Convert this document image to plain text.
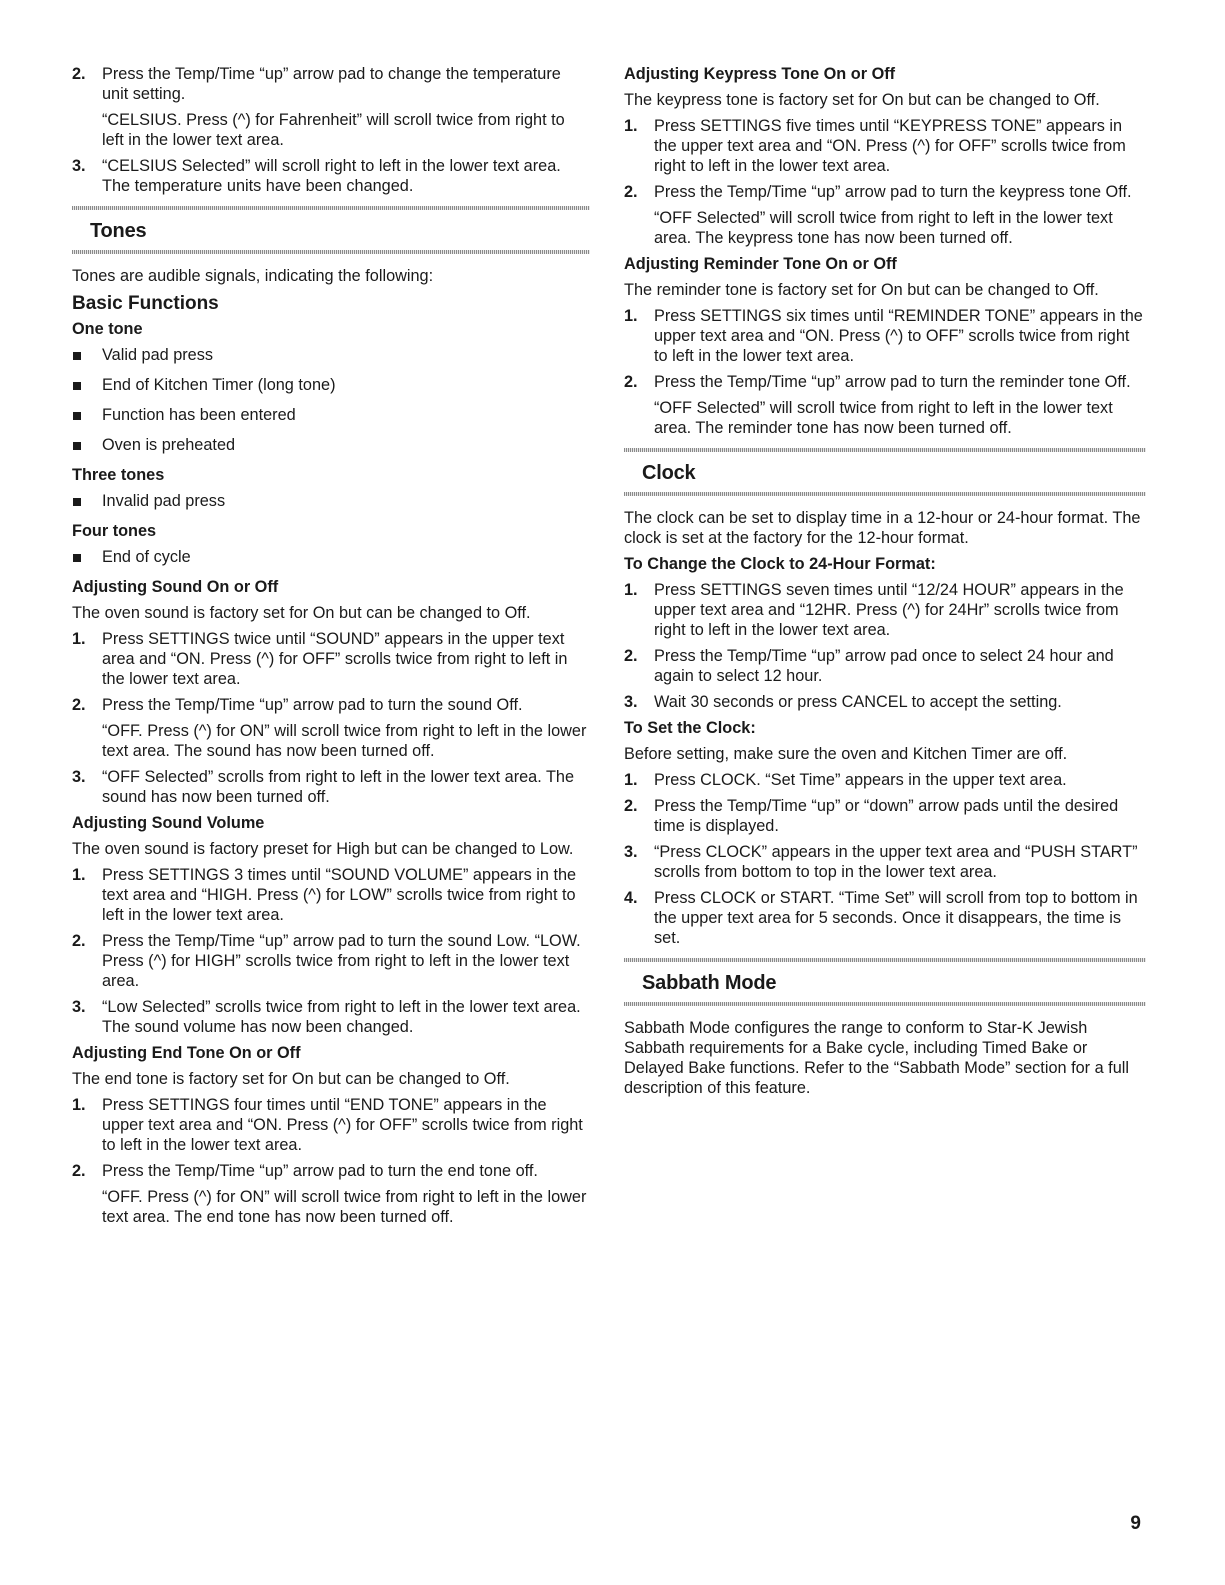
2.	Press the Temp/Time “up” arrow pad to change the temperature unit setting.

“CELSIUS. Press (^) for Fahrenheit” will scroll twice from right to left in the lower text area.

3.	“CELSIUS Selected” will scroll right to left in the lower text area. The temperature units have been changed.

Tones

Tones are audible signals, indicating the following:

Basic Functions
One tone

Valid pad press

End of Kitchen Timer (long tone)

Function has been entered

Oven is preheated

Three tones

Invalid pad press

Four tones

End of cycle

Adjusting Sound On or Off

The oven sound is factory set for On but can be changed to Off.

1.	Press SETTINGS twice until “SOUND” appears in the upper text area and “ON. Press (^) for OFF” scrolls twice from right to left in the lower text area.

2.	Press the Temp/Time “up” arrow pad to turn the sound Off.

“OFF. Press (^) for ON” will scroll twice from right to left in the lower text area. The sound has now been turned off.

3.	“OFF Selected” scrolls from right to left in the lower text area. The sound has now been turned off.

Adjusting Sound Volume

The oven sound is factory preset for High but can be changed to Low.

1.	Press SETTINGS 3 times until “SOUND VOLUME” appears in the text area and “HIGH. Press (^) for LOW” scrolls twice from right to left in the lower text area.

2.	Press the Temp/Time “up” arrow pad to turn the sound Low. “LOW. Press (^) for HIGH” scrolls twice from right to left in the lower text area.

3.	“Low Selected” scrolls twice from right to left in the lower text area. The sound volume has now been changed.

Adjusting End Tone On or Off

The end tone is factory set for On but can be changed to Off.

1.	Press SETTINGS four times until “END TONE” appears in the upper text area and “ON. Press (^) for OFF” scrolls twice from right to left in the lower text area.

2.	Press the Temp/Time “up” arrow pad to turn the end tone off.

“OFF. Press (^) for ON” will scroll twice from right to left in the lower text area. The end tone has now been turned off.

Adjusting Keypress Tone On or Off

The keypress tone is factory set for On but can be changed to Off.

1.	Press SETTINGS five times until “KEYPRESS TONE” appears in the upper text area and “ON. Press (^) for OFF” scrolls twice from right to left in the lower text area.

2.	Press the Temp/Time “up” arrow pad to turn the keypress tone Off.

“OFF Selected” will scroll twice from right to left in the lower text area. The keypress tone has now been turned off.

Adjusting Reminder Tone On or Off

The reminder tone is factory set for On but can be changed to Off.

1.	Press SETTINGS six times until “REMINDER TONE” appears in the upper text area and “ON. Press (^) to OFF” scrolls twice from right to left in the lower text area.

2.	Press the Temp/Time “up” arrow pad to turn the reminder tone Off.

“OFF Selected” will scroll twice from right to left in the lower text area. The reminder tone has now been turned off.

Clock

The clock can be set to display time in a 12-hour or 24-hour format. The clock is set at the factory for the 12-hour format.

To Change the Clock to 24-Hour Format:
1.	Press SETTINGS seven times until “12/24 HOUR” appears in the upper text area and “12HR. Press (^) for 24Hr” scrolls twice from right to left in the lower text area.

2.	Press the Temp/Time “up” arrow pad once to select 24 hour and again to select 12 hour.

3.	Wait 30 seconds or press CANCEL to accept the setting.

To Set the Clock:

Before setting, make sure the oven and Kitchen Timer are off.

1.	Press CLOCK. “Set Time” appears in the upper text area.

2.	Press the Temp/Time “up” or “down” arrow pads until the desired time is displayed.

3.	“Press CLOCK” appears in the upper text area and “PUSH START” scrolls from bottom to top in the lower text area.

4.	Press CLOCK or START. “Time Set” will scroll from top to bottom in the upper text area for 5 seconds. Once it disappears, the time is set.

Sabbath Mode

Sabbath Mode configures the range to conform to Star-K Jewish Sabbath requirements for a Bake cycle, including Timed Bake or Delayed Bake functions. Refer to the “Sabbath Mode” section for a full description of this feature.

9
